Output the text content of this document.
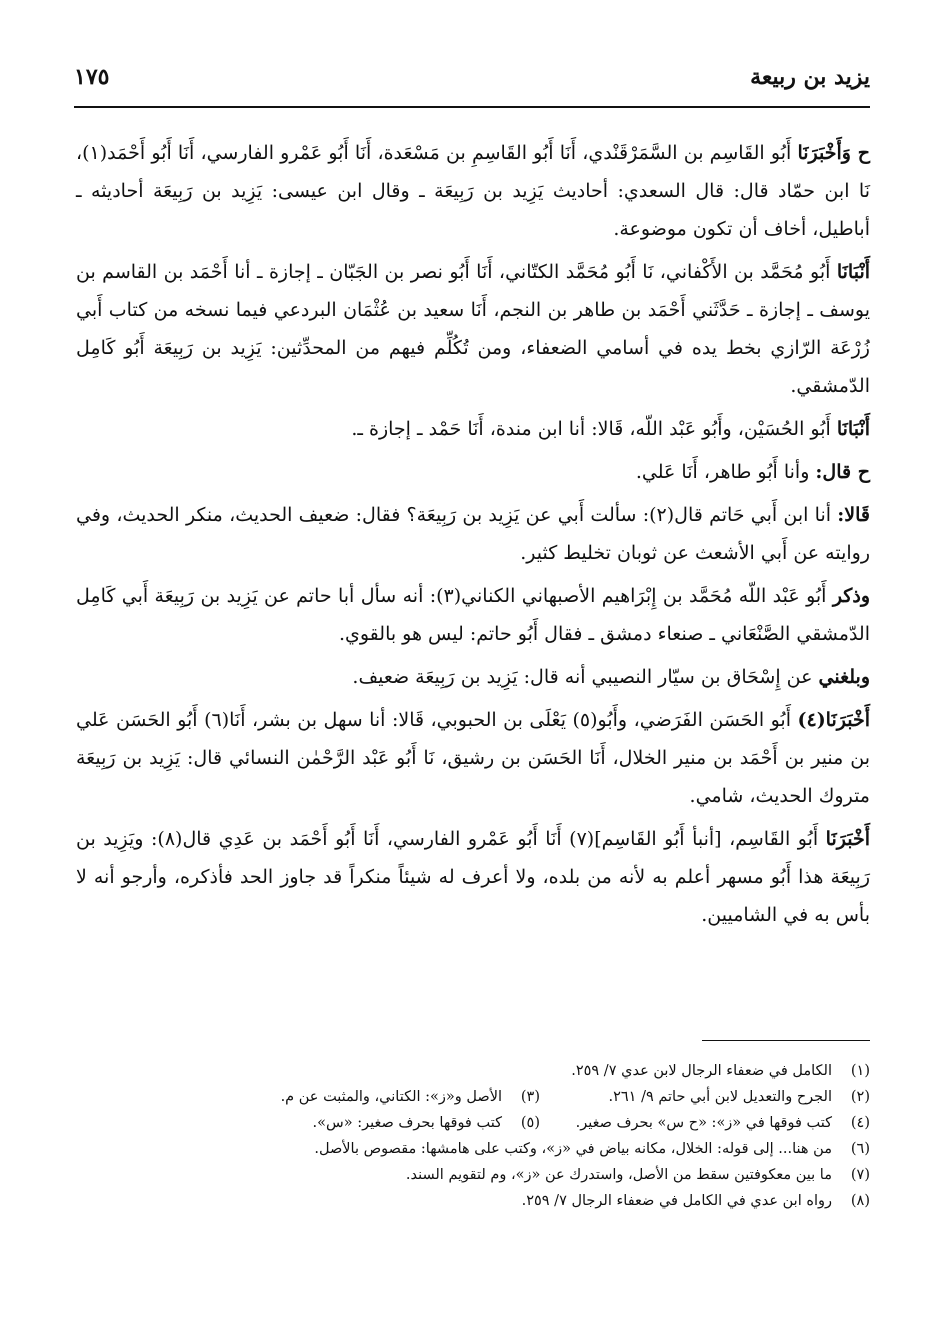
يزيد بن ربيعة
١٧٥

ح وَأَخْبَرَنَا أَبُو القَاسِم بن السَّمَرْقَنْدي، أَنَا أَبُو القَاسِمِ بن مَسْعَدة، أَنَا أَبُو عَمْرو الفارسي، أَنَا أَبُو أَحْمَد(١)، نَا ابن حمّاد قال: قال السعدي: أحاديث يَزِيد بن رَبِيعَة ـ وقال ابن عيسى: يَزِيد بن رَبِيعَة أحاديثه ـ أباطيل، أخاف أن تكون موضوعة.

أَنْبَانَا أَبُو مُحَمَّد بن الأَكْفاني، نَا أَبُو مُحَمَّد الكتّاني، أَنَا أَبُو نصر بن الجَبّان ـ إجازة ـ أنا أَحْمَد بن القاسم بن يوسف ـ إجازة ـ حَدَّثَني أَحْمَد بن طاهر بن النجم، أَنَا سعيد بن عُثْمَان البردعي فيما نسخه من كتاب أَبي زُرْعَة الرّازي بخط يده في أسامي الضعفاء، ومن تُكُلِّم فيهم من المحدِّثين: يَزِيد بن رَبِيعَة أَبُو كَامِل الدّمشقي.

أَنْبَانَا أَبُو الحُسَيْن، وأَبُو عَبْد اللّه، قَالا: أنا ابن مندة، أَنَا حَمْد ـ إجازة ـ.

ح قال: وأنا أَبُو طاهر، أَنَا عَلي.

قَالا: أنا ابن أَبي حَاتم قال(٢): سألت أَبي عن يَزِيد بن رَبِيعَة؟ فقال: ضعيف الحديث، منكر الحديث، وفي روايته عن أَبي الأشعث عن ثوبان تخليط كثير.

وذكر أَبُو عَبْد اللّه مُحَمَّد بن إِبْرَاهيم الأصبهاني الكناني(٣): أنه سأل أبا حاتم عن يَزِيد بن رَبِيعَة أَبي كَامِل الدّمشقي الصَّنْعَاني ـ صنعاء دمشق ـ فقال أَبُو حاتم: ليس هو بالقوي.

وبلغني عن إِسْحَاق بن سيّار النصيبي أنه قال: يَزِيد بن رَبِيعَة ضعيف.

أَخْبَرَنَا(٤) أَبُو الحَسَن الفَرَضي، وأَبُو(٥) يَعْلَى بن الحبوبي، قَالا: أنا سهل بن بشر، أَنَا(٦) أَبُو الحَسَن عَلي بن منير بن أَحْمَد بن منير الخلال، أَنَا الحَسَن بن رشيق، نَا أَبُو عَبْد الرَّحْمٰن النسائي قال: يَزِيد بن رَبِيعَة متروك الحديث، شامي.

أَخْبَرَنَا أَبُو القَاسِم، [أنبأ أَبُو القَاسِم](٧) أَنَا أَبُو عَمْرو الفارسي، أَنَا أَبُو أَحْمَد بن عَدِي قال(٨): ويَزِيد بن رَبِيعَة هذا أَبُو مسهر أعلم به لأنه من بلده، ولا أعرف له شيئاً منكراً قد جاوز الحد فأذكره، وأرجو أنه لا بأس به في الشاميين.

(١)الكامل في ضعفاء الرجال لابن عدي ٧/ ٢٥٩.
(٢)الجرح والتعديل لابن أبي حاتم ٩/ ٢٦١.
(٣)الأصل و«ز»: الكتاني، والمثبت عن م.
(٤)كتب فوقها في «ز»: «ح س» بحرف صغير.
(٥)كتب فوقها بحرف صغير: «س».
(٦)من هنا... إلى قوله: الخلال، مكانه بياض في «ز»، وكتب على هامشها: مقصوص بالأصل.
(٧)ما بين معكوفتين سقط من الأصل، واستدرك عن «ز»، وم لتقويم السند.
(٨)رواه ابن عدي في الكامل في ضعفاء الرجال ٧/ ٢٥٩.
